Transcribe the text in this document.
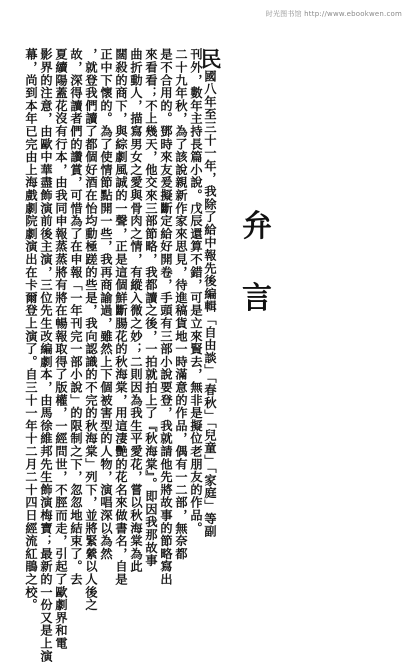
时光图书馆 http://www.ebookwen.com
弁
言
民國八年至三十一年，我除了給中報先後編輯「自由談」「春秋」「兒童」「家庭」等副
刊外，數年主持長篇小說。戊辰還算不錯，可是立來賢去，無非是擬位老朋友的作品。
二十九年秋，為了該說親新作家來思見，待進稿貨地一時滿意的作品，偶有一二部，無奈都
是不合用的。鄧時來友爰擬斷定給好開卷，手頭有三部小說要登，我就請他先將故事的節略寫出
來看看；不上幾天，他交來三部節略，我都讀之後，一拍就拍上了『秋海棠』。即因我那故事
曲折動人，描寫男女之愛與骨肉之情，有縱入微之妙；二則因為我生平愛花，嘗以秋海棠為此
闊殺的商下，與綜劇風誠的一聲，正是這個鮮斷腸花的秋海棠，用這淒艷的花名來做書名，自是
正中下懷的。為了使情節點開一些，我再商諭過，雖然上下個被害型的人物，演唱深以為然
，就登我們讀了都個好酒在怡均動極蹉的些是，我向認識的不完的秋海棠」列下，並將緊縈以人後之
故，深得讀者們的讚賞，可惜為了在申報「一年刊完一部小說」的限制之下，忽忽地結束了。去
夏續陽蓋花沒有行本，由我同申報蒸蒸將有將在暢報取得了版權，一經問世，不脛而走，引起了歐劇界和電
影界的注意，由歐中華盡飾演前後主演，三位先生改編劇本，由馬徐維邦先生飾演梅寶；最新的一份又是上演
幕，尚到本年已完由上海戲劇院劇演出在卡爾登上演了。自三十一年十二月二十四日經流紅鵑之校。
